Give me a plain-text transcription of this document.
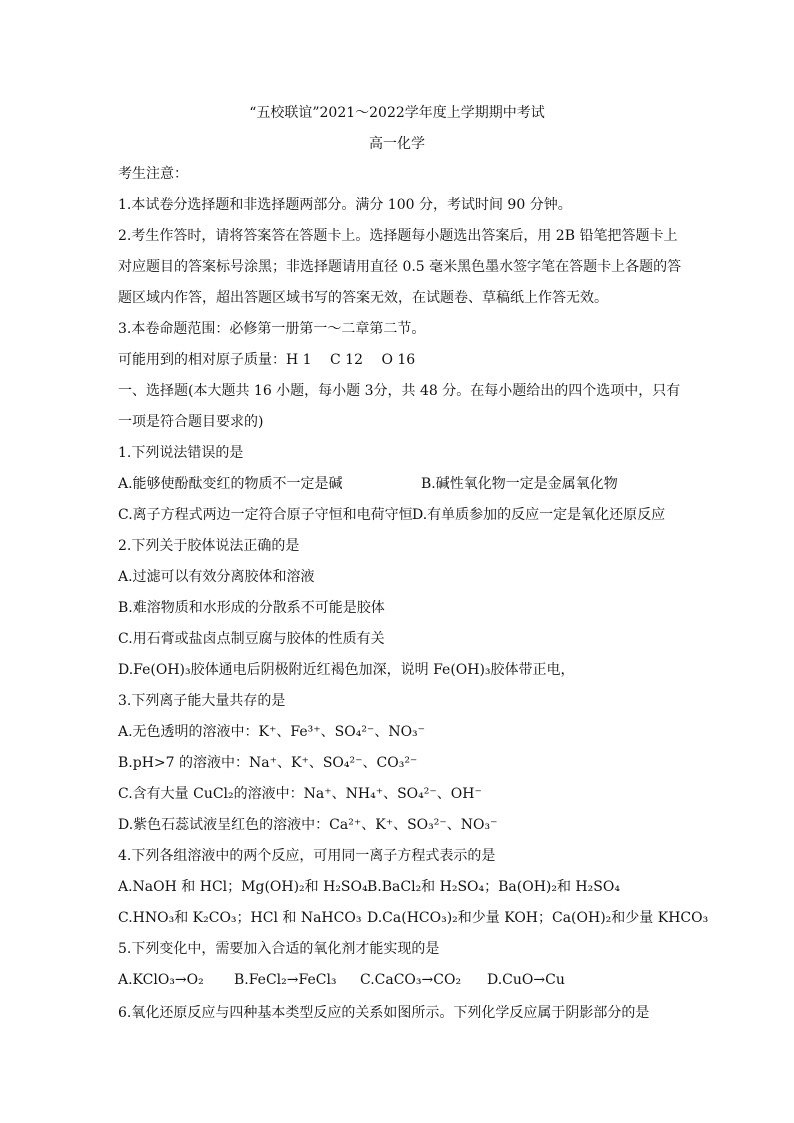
“五校联谊”2021～2022学年度上学期期中考试
高一化学
考生注意：
1.本试卷分选择题和非选择题两部分。满分 100 分，考试时间 90 分钟。
2.考生作答时，请将答案答在答题卡上。选择题每小题选出答案后，用 2B 铅笔把答题卡上
对应题目的答案标号涂黑；非选择题请用直径 0.5 毫米黑色墨水签字笔在答题卡上各题的答
题区域内作答，超出答题区域书写的答案无效，在试题卷、草稿纸上作答无效。
3.本卷命题范围：必修第一册第一～二章第二节。
可能用到的相对原子质量：H 1　 C 12　 O 16
一、选择题(本大题共 16 小题，每小题 3分，共 48 分。在每小题给出的四个选项中，只有
一项是符合题目要求的)
1.下列说法错误的是
A.能够使酚酞变红的物质不一定是碱	B.碱性氧化物一定是金属氧化物
C.离子方程式两边一定符合原子守恒和电荷守恒 D.有单质参加的反应一定是氧化还原反应
2.下列关于胶体说法正确的是
A.过滤可以有效分离胶体和溶液
B.难溶物质和水形成的分散系不可能是胶体
C.用石膏或盐卤点制豆腐与胶体的性质有关
D.Fe(OH)₃胶体通电后阴极附近红褐色加深，说明 Fe(OH)₃胶体带正电，
3.下列离子能大量共存的是
A.无色透明的溶液中：K⁺、Fe³⁺、SO₄²⁻、NO₃⁻
B.pH>7 的溶液中：Na⁺、K⁺、SO₄²⁻、CO₃²⁻
C.含有大量 CuCl₂的溶液中：Na⁺、NH₄⁺、SO₄²⁻、OH⁻
D.紫色石蕊试液呈红色的溶液中：Ca²⁺、K⁺、SO₃²⁻、NO₃⁻
4.下列各组溶液中的两个反应，可用同一离子方程式表示的是
A.NaOH 和 HCl；Mg(OH)₂和 H₂SO₄ B.BaCl₂和 H₂SO₄；Ba(OH)₂和 H₂SO₄
C.HNO₃和 K₂CO₃；HCl 和 NaHCO₃ D.Ca(HCO₃)₂和少量 KOH；Ca(OH)₂和少量 KHCO₃
5.下列变化中，需要加入合适的氧化剂才能实现的是
A.KClO₃→O₂ B.FeCl₂→FeCl₃ C.CaCO₃→CO₂ D.CuO→Cu
6.氧化还原反应与四种基本类型反应的关系如图所示。下列化学反应属于阴影部分的是
